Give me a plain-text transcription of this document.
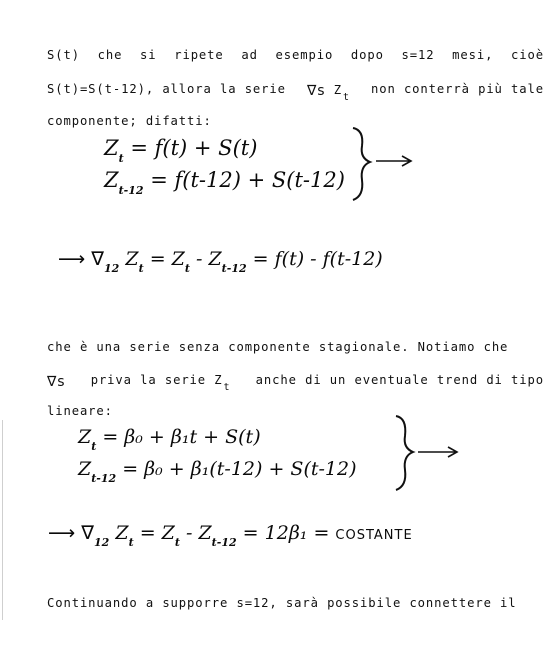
S(t) che si ripete ad esempio dopo s=12 mesi, cioè
S(t)=S(t-12), allora la serie ∇s $Z_t$
non conterrà più tale
componente; difatti:
$Z_t = f(t) + S(t)$
$Z_{t-12} = f(t-12) + S(t-12)$
⟶ $\nabla_{12}$ $Z_t = Z_t - Z_{t-12} = f(t) - f(t-12)$
che è una serie senza componente stagionale. Notiamo che
∇s priva la serie $Z_t$
anche di un eventuale trend di tipo
lineare:
$Z_t = \beta_0 + \beta_1t + S(t)$
$Z_{t-12} = \beta_0 + \beta_1(t-12) + S(t-12)$
⟶ $\nabla_{12}$ $Z_t = Z_t - Z_{t-12} = 12\beta_1$ = COSTANTE
Continuando a supporre s=12, sarà possibile connettere il
